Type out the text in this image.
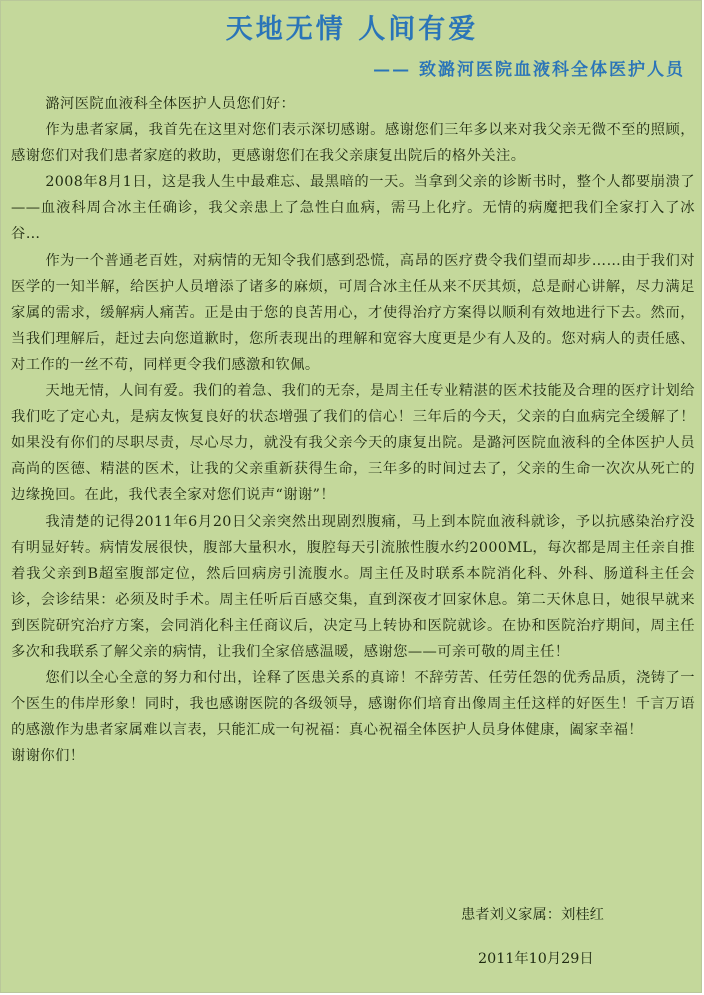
天地无情 人间有爱
—— 致潞河医院血液科全体医护人员

潞河医院血液科全体医护人员您们好：

作为患者家属，我首先在这里对您们表示深切感谢。感谢您们三年多以来对我父亲无微不至的照顾，感谢您们对我们患者家庭的救助，更感谢您们在我父亲康复出院后的格外关注。

2008年8月1日，这是我人生中最难忘、最黑暗的一天。当拿到父亲的诊断书时，整个人都要崩溃了——血液科周合冰主任确诊，我父亲患上了急性白血病，需马上化疗。无情的病魔把我们全家打入了冰谷…

作为一个普通老百姓，对病情的无知令我们感到恐慌，高昂的医疗费令我们望而却步……由于我们对医学的一知半解，给医护人员增添了诸多的麻烦，可周合冰主任从来不厌其烦，总是耐心讲解，尽力满足家属的需求，缓解病人痛苦。正是由于您的良苦用心，才使得治疗方案得以顺利有效地进行下去。然而，当我们理解后，赶过去向您道歉时，您所表现出的理解和宽容大度更是少有人及的。您对病人的责任感、对工作的一丝不苟，同样更令我们感激和钦佩。

天地无情，人间有爱。我们的着急、我们的无奈，是周主任专业精湛的医术技能及合理的医疗计划给我们吃了定心丸，是病友恢复良好的状态增强了我们的信心！三年后的今天，父亲的白血病完全缓解了！如果没有你们的尽职尽责，尽心尽力，就没有我父亲今天的康复出院。是潞河医院血液科的全体医护人员高尚的医德、精湛的医术，让我的父亲重新获得生命，三年多的时间过去了，父亲的生命一次次从死亡的边缘挽回。在此，我代表全家对您们说声“谢谢”！

我清楚的记得2011年6月20日父亲突然出现剧烈腹痛，马上到本院血液科就诊，予以抗感染治疗没有明显好转。病情发展很快，腹部大量积水，腹腔每天引流脓性腹水约2000ML，每次都是周主任亲自推着我父亲到B超室腹部定位，然后回病房引流腹水。周主任及时联系本院消化科、外科、肠道科主任会诊，会诊结果：必须及时手术。周主任听后百感交集，直到深夜才回家休息。第二天休息日，她很早就来到医院研究治疗方案，会同消化科主任商议后，决定马上转协和医院就诊。在协和医院治疗期间，周主任多次和我联系了解父亲的病情，让我们全家倍感温暖，感谢您——可亲可敬的周主任！

您们以全心全意的努力和付出，诠释了医患关系的真谛！不辞劳苦、任劳任怨的优秀品质，浇铸了一个医生的伟岸形象！同时，我也感谢医院的各级领导，感谢你们培育出像周主任这样的好医生！千言万语的感激作为患者家属难以言表，只能汇成一句祝福：真心祝福全体医护人员身体健康，阖家幸福！

谢谢你们！

患者刘义家属：刘桂红
2011年10月29日
